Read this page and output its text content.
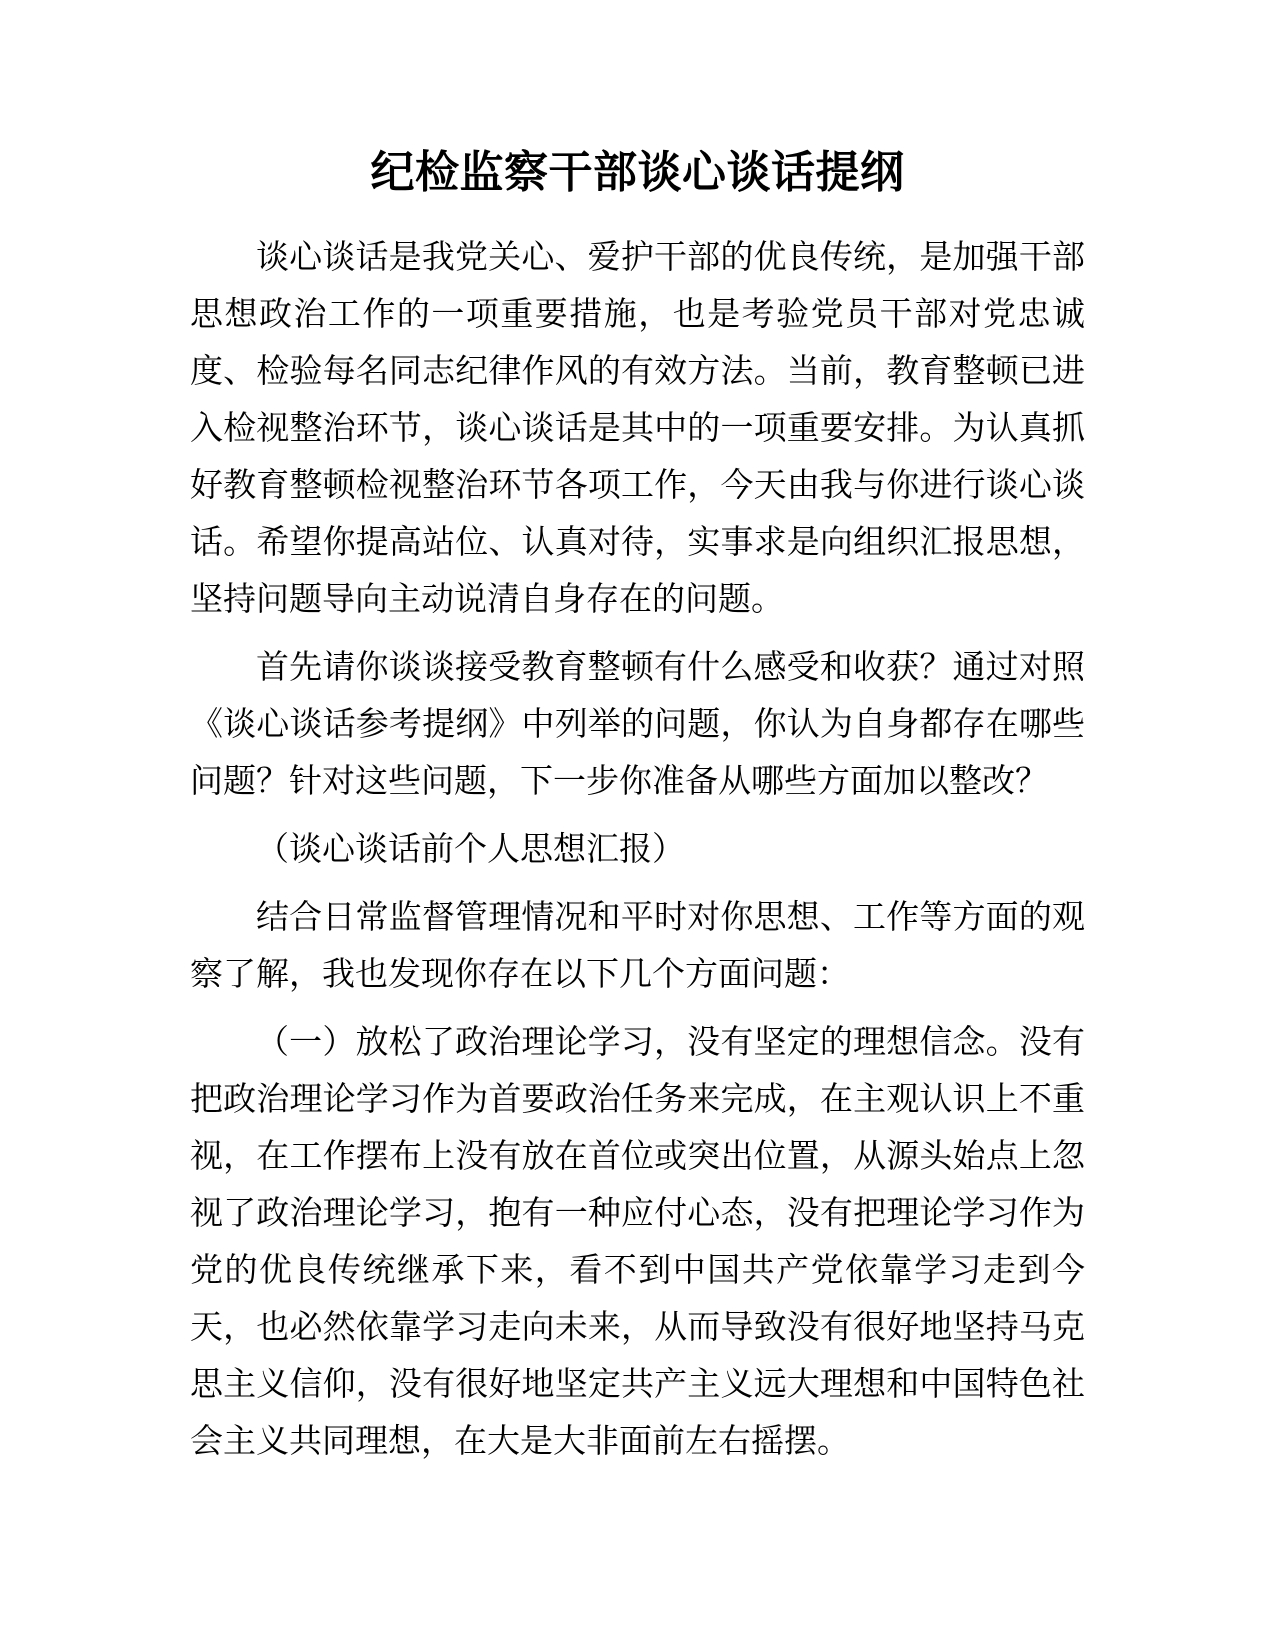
纪检监察干部谈心谈话提纲

谈心谈话是我党关心、爱护干部的优良传统，是加强干部思想政治工作的一项重要措施，也是考验党员干部对党忠诚度、检验每名同志纪律作风的有效方法。当前，教育整顿已进入检视整治环节，谈心谈话是其中的一项重要安排。为认真抓好教育整顿检视整治环节各项工作，今天由我与你进行谈心谈话。希望你提高站位、认真对待，实事求是向组织汇报思想，坚持问题导向主动说清自身存在的问题。

首先请你谈谈接受教育整顿有什么感受和收获？通过对照《谈心谈话参考提纲》中列举的问题，你认为自身都存在哪些问题？针对这些问题，下一步你准备从哪些方面加以整改？

（谈心谈话前个人思想汇报）

结合日常监督管理情况和平时对你思想、工作等方面的观察了解，我也发现你存在以下几个方面问题：

（一）放松了政治理论学习，没有坚定的理想信念。没有把政治理论学习作为首要政治任务来完成，在主观认识上不重视，在工作摆布上没有放在首位或突出位置，从源头始点上忽视了政治理论学习，抱有一种应付心态，没有把理论学习作为党的优良传统继承下来，看不到中国共产党依靠学习走到今天，也必然依靠学习走向未来，从而导致没有很好地坚持马克思主义信仰，没有很好地坚定共产主义远大理想和中国特色社会主义共同理想，在大是大非面前左右摇摆。
